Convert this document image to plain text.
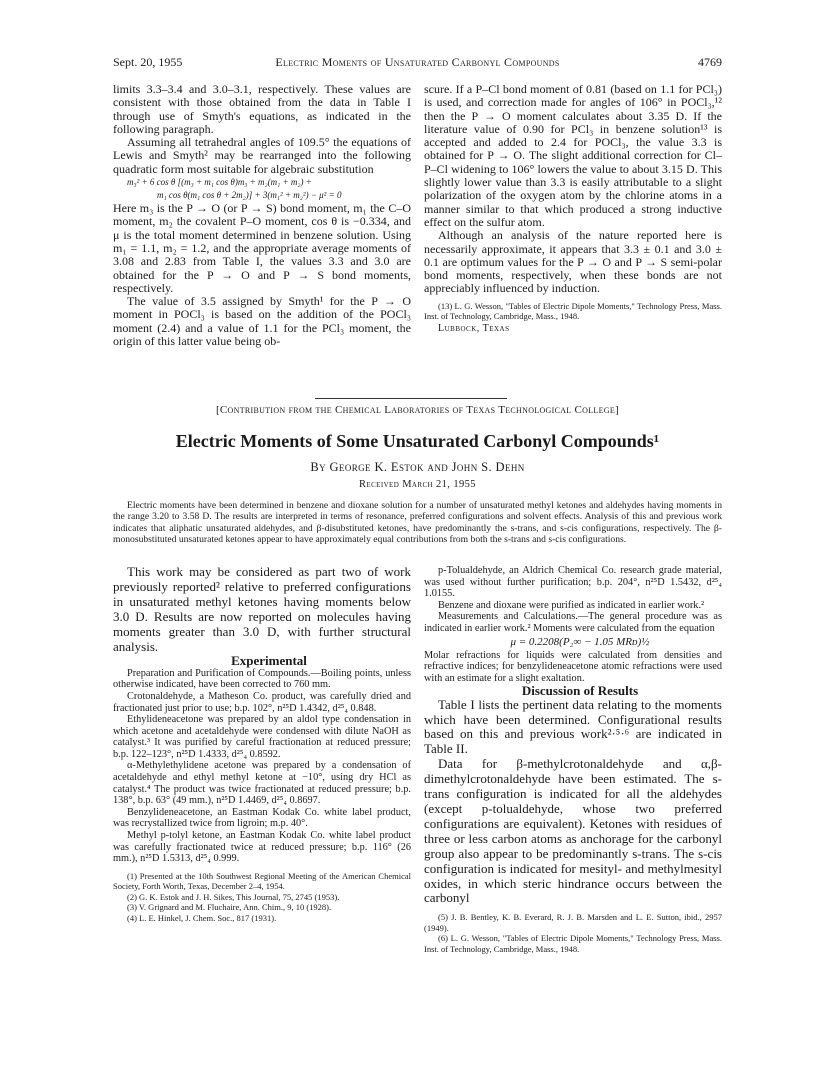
Sept. 20, 1955	Electric Moments of Unsaturated Carbonyl Compounds	4769

limits 3.3–3.4 and 3.0–3.1, respectively. These values are consistent with those obtained from the data in Table I through use of Smyth's equations, as indicated in the following paragraph.

Assuming all tetrahedral angles of 109.5° the equations of Lewis and Smyth² may be rearranged into the following quadratic form most suitable for algebraic substitution

m₃² + 6 cos θ [(m₃ + m₁ cos θ)m₃ + m₂(m₁ + m₂) +

m₁ cos θ(m₁ cos θ + 2m₂)] + 3(m₁² + m₂²) − μ² = 0

Here m₃ is the P → O (or P → S) bond moment, m₁ the C–O moment, m₂ the covalent P–O moment, cos θ is −0.334, and μ is the total moment determined in benzene solution. Using m₁ = 1.1, m₂ = 1.2, and the appropriate average moments of 3.08 and 2.83 from Table I, the values 3.3 and 3.0 are obtained for the P → O and P → S bond moments, respectively.

The value of 3.5 assigned by Smyth¹ for the P → O moment in POCl₃ is based on the addition of the POCl₃ moment (2.4) and a value of 1.1 for the PCl₃ moment, the origin of this latter value being ob-

scure. If a P–Cl bond moment of 0.81 (based on 1.1 for PCl₃) is used, and correction made for angles of 106° in POCl₃,¹² then the P → O moment calculates about 3.35 D. If the literature value of 0.90 for PCl₃ in benzene solution¹³ is accepted and added to 2.4 for POCl₃, the value 3.3 is obtained for P → O. The slight additional correction for Cl–P–Cl widening to 106° lowers the value to about 3.15 D. This slightly lower value than 3.3 is easily attributable to a slight polarization of the oxygen atom by the chlorine atoms in a manner similar to that which produced a strong inductive effect on the sulfur atom.

Although an analysis of the nature reported here is necessarily approximate, it appears that 3.3 ± 0.1 and 3.0 ± 0.1 are optimum values for the P → O and P → S semi-polar bond moments, respectively, when these bonds are not appreciably influenced by induction.

(13) L. G. Wesson, "Tables of Electric Dipole Moments," Technology Press, Mass. Inst. of Technology, Cambridge, Mass., 1948.

Lubbock, Texas

[Contribution from the Chemical Laboratories of Texas Technological College]
Electric Moments of Some Unsaturated Carbonyl Compounds¹
By George K. Estok and John S. Dehn
Received March 21, 1955
Electric moments have been determined in benzene and dioxane solution for a number of unsaturated methyl ketones and aldehydes having moments in the range 3.20 to 3.58 D. The results are interpreted in terms of resonance, preferred configurations and solvent effects. Analysis of this and previous work indicates that aliphatic unsaturated aldehydes, and β-disubstituted ketones, have predominantly the s-trans, and s-cis configurations, respectively. The β-monosubstituted unsaturated ketones appear to have approximately equal contributions from both the s-trans and s-cis configurations.

This work may be considered as part two of work previously reported² relative to preferred configurations in unsaturated methyl ketones having moments below 3.0 D. Results are now reported on molecules having moments greater than 3.0 D, with further structural analysis.

Experimental

Preparation and Purification of Compounds.—Boiling points, unless otherwise indicated, have been corrected to 760 mm.

Crotonaldehyde, a Matheson Co. product, was carefully dried and fractionated just prior to use; b.p. 102°, n²⁵D 1.4342, d²⁵₄ 0.848.

Ethylideneacetone was prepared by an aldol type condensation in which acetone and acetaldehyde were condensed with dilute NaOH as catalyst.³ It was purified by careful fractionation at reduced pressure; b.p. 122–123°, n²⁵D 1.4333, d²⁵₄ 0.8592.

α-Methylethylidene acetone was prepared by a condensation of acetaldehyde and ethyl methyl ketone at −10°, using dry HCl as catalyst.⁴ The product was twice fractionated at reduced pressure; b.p. 138°, b.p. 63° (49 mm.), n²⁵D 1.4469, d²⁵₄ 0.8697.

Benzylideneacetone, an Eastman Kodak Co. white label product, was recrystallized twice from ligroin; m.p. 40°.

Methyl p-tolyl ketone, an Eastman Kodak Co. white label product was carefully fractionated twice at reduced pressure; b.p. 116° (26 mm.), n²⁵D 1.5313, d²⁵₄ 0.999.

(1) Presented at the 10th Southwest Regional Meeting of the American Chemical Society, Forth Worth, Texas, December 2–4, 1954.

(2) G. K. Estok and J. H. Sikes, This Journal, 75, 2745 (1953).

(3) V. Grignard and M. Fluchaire, Ann. Chim., 9, 10 (1928).

(4) L. E. Hinkel, J. Chem. Soc., 817 (1931).

p-Tolualdehyde, an Aldrich Chemical Co. research grade material, was used without further purification; b.p. 204°, n²⁵D 1.5432, d²⁵₄ 1.0155.

Benzene and dioxane were purified as indicated in earlier work.²

Measurements and Calculations.—The general procedure was as indicated in earlier work.² Moments were calculated from the equation

μ = 0.2208(P₂∞ − 1.05 MRᴅ)½

Molar refractions for liquids were calculated from densities and refractive indices; for benzylideneacetone atomic refractions were used with an estimate for a slight exaltation.

Discussion of Results

Table I lists the pertinent data relating to the moments which have been determined. Configurational results based on this and previous work²·⁵·⁶ are indicated in Table II.

Data for β-methylcrotonaldehyde and α,β-dimethylcrotonaldehyde have been estimated. The s-trans configuration is indicated for all the aldehydes (except p-tolualdehyde, whose two preferred configurations are equivalent). Ketones with residues of three or less carbon atoms as anchorage for the carbonyl group also appear to be predominantly s-trans. The s-cis configuration is indicated for mesityl- and methylmesityl oxides, in which steric hindrance occurs between the carbonyl

(5) J. B. Bentley, K. B. Everard, R. J. B. Marsden and L. E. Sutton, ibid., 2957 (1949).

(6) L. G. Wesson, "Tables of Electric Dipole Moments," Technology Press, Mass. Inst. of Technology, Cambridge, Mass., 1948.
